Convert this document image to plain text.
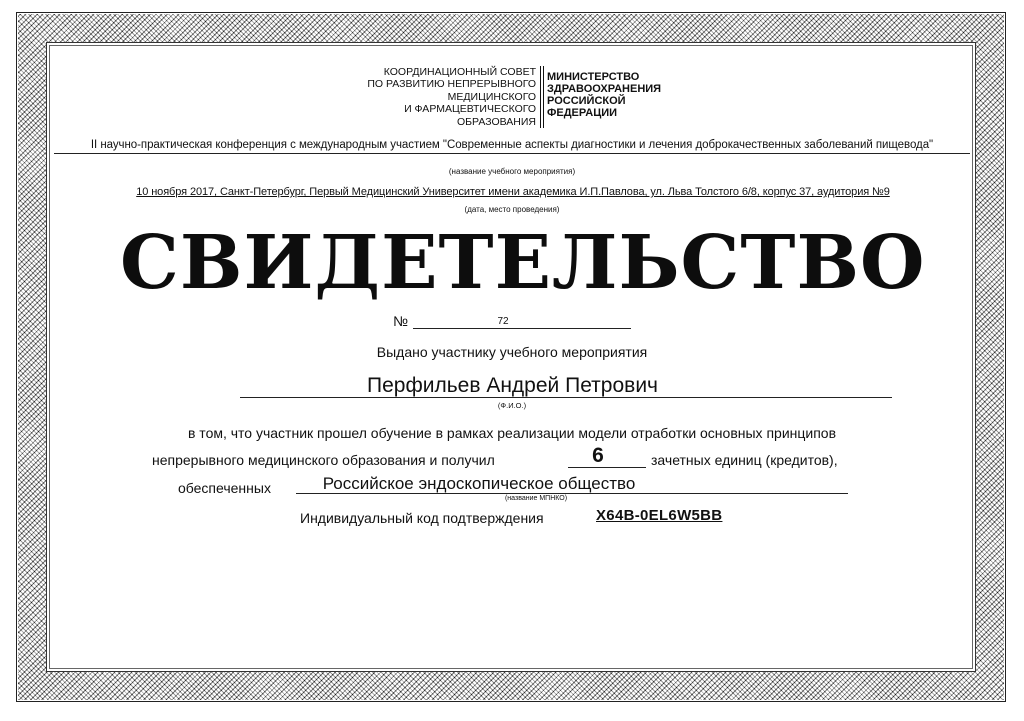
КООРДИНАЦИОННЫЙ СОВЕТ
ПО РАЗВИТИЮ НЕПРЕРЫВНОГО
МЕДИЦИНСКОГО
И ФАРМАЦЕВТИЧЕСКОГО
ОБРАЗОВАНИЯ
МИНИСТЕРСТВО
ЗДРАВООХРАНЕНИЯ
РОССИЙСКОЙ
ФЕДЕРАЦИИ
II научно-практическая конференция с международным участием "Современные аспекты диагностики и лечения доброкачественных заболеваний пищевода"
(название учебного мероприятия)
10 ноября 2017, Санкт-Петербург, Первый Медицинский Университет имени академика И.П.Павлова, ул. Льва Толстого 6/8, корпус 37, аудитория №9
(дата, место проведения)
СВИДЕТЕЛЬСТВО
№	72
Выдано участнику учебного мероприятия
Перфильев Андрей Петрович
(Ф.И.О.)
в том, что участник прошел обучение в рамках реализации модели отработки основных принципов
непрерывного медицинского образования и получил	6	зачетных единиц (кредитов),
обеспеченных	Российское эндоскопическое общество
(название МПНКО)
Индивидуальный код подтверждения	X64B-0EL6W5BB
